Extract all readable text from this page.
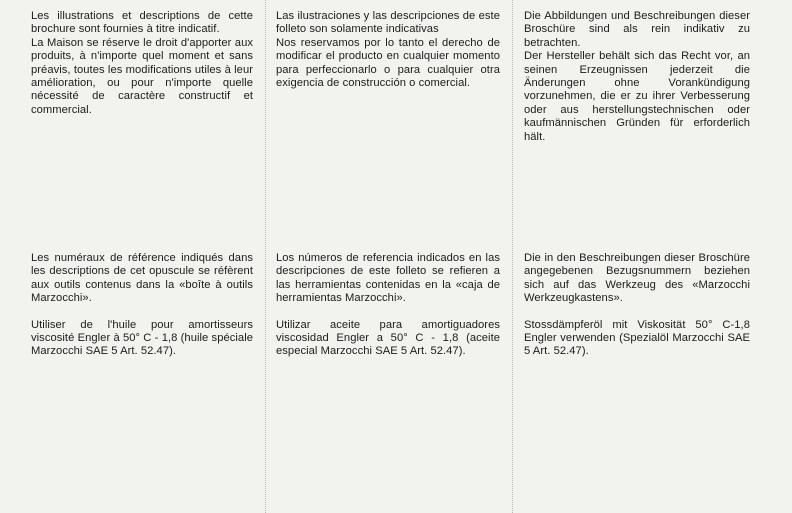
Les illustrations et descriptions de cette brochure sont fournies à titre indicatif.

La Maison se réserve le droit d'apporter aux produits, à n'importe quel moment et sans préavis, toutes les modifications utiles à leur amélioration, ou pour n'importe quelle nécessité de caractère constructif et commercial.

Las ilustraciones y las descripciones de este folleto son solamente indicativas

Nos reservamos por lo tanto el derecho de modificar el producto en cualquier momento para perfeccionarlo o para cualquier otra exigencia de construcción o comercial.

Die Abbildungen und Beschreibungen dieser Broschüre sind als rein indikativ zu betrachten.

Der Hersteller behält sich das Recht vor, an seinen Erzeugnissen jederzeit die Änderungen ohne Vorankündigung vorzunehmen, die er zu ihrer Verbesserung oder aus herstellungstechnischen oder kaufmännischen Gründen für erforderlich hält.

Les numéraux de référence indiqués dans les descriptions de cet opuscule se réfèrent aux outils contenus dans la «boîte à outils Marzocchi».

Utiliser de l'huile pour amortisseurs viscosité Engler à 50° C - 1,8 (huile spéciale Marzocchi SAE 5 Art. 52.47).

Los números de referencia indicados en las descripciones de este folleto se refieren a las herramientas contenidas en la «caja de herramientas Marzocchi».

Utilizar aceite para amortiguadores viscosidad Engler a 50° C - 1,8 (aceite especial Marzocchi SAE 5 Art. 52.47).

Die in den Beschreibungen dieser Broschüre angegebenen Bezugsnummern beziehen sich auf das Werkzeug des «Marzocchi Werkzeugkastens».

Stossdämpferöl mit Viskosität 50° C-1,8 Engler verwenden (Spezialöl Marzocchi SAE 5 Art. 52.47).
